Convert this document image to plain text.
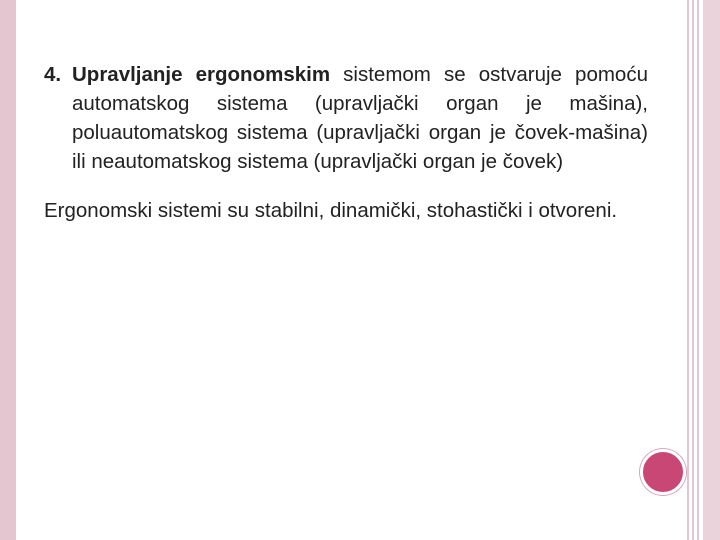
4. Upravljanje ergonomskim sistemom se ostvaruje pomoću automatskog sistema (upravljački organ je mašina), poluautomatskog sistema (upravljački organ je čovek-mašina) ili neautomatskog sistema (upravljački organ je čovek)

Ergonomski sistemi su stabilni, dinamički, stohastički i otvoreni.
